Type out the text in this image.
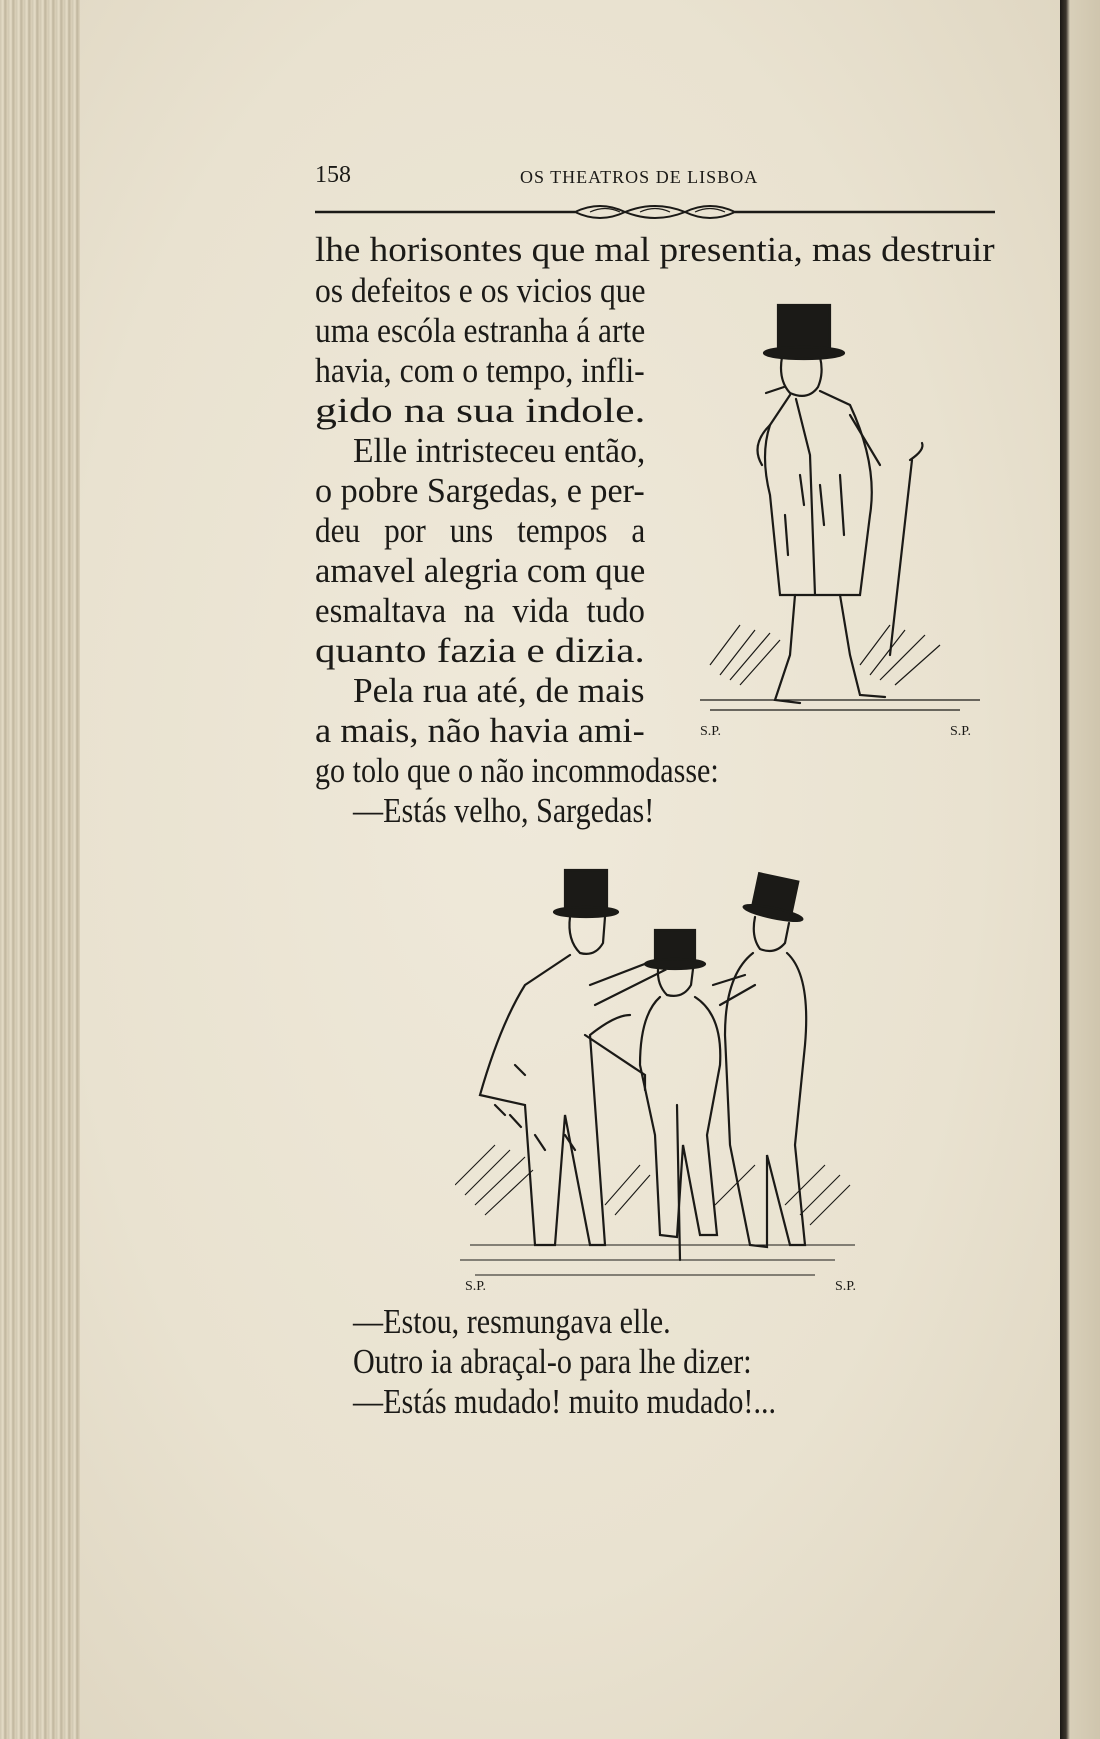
158	OS THEATROS DE LISBOA

lhe horisontes que mal presentia, mas destruir

os defeitos e os vicios que

uma escóla estranha á arte

havia, com o tempo, infli-

gido na sua indole.

Elle intristeceu então,

o pobre Sargedas, e per-

deu por uns tempos a

amavel alegria com que

esmaltava na vida tudo

quanto fazia e dizia.

Pela rua até, de mais

a mais, não havia ami-

go tolo que o não incommodasse:

—Estás velho, Sargedas!

—Estou, resmungava elle.

Outro ia abraçal-o para lhe dizer:

—Estás mudado! muito mudado!...

S.P.	S.P.
S.P.	S.P.
